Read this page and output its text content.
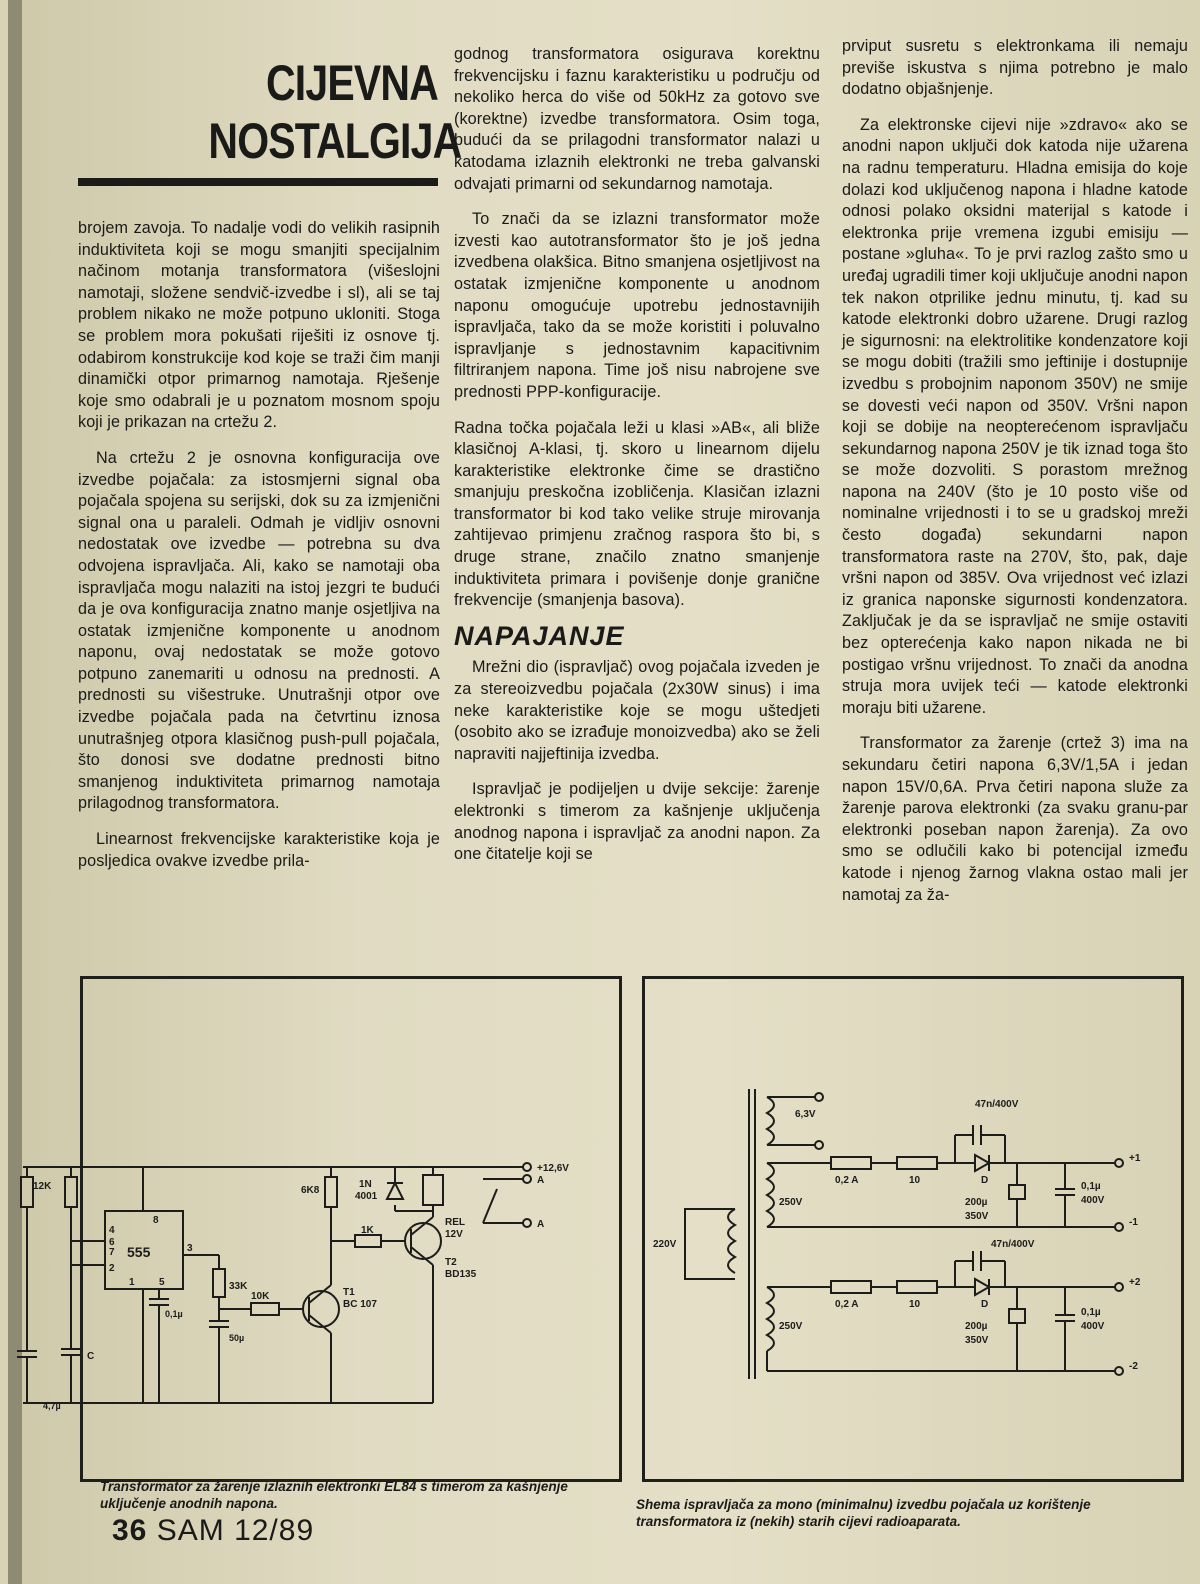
CIJEVNA
NOSTALGIJA

brojem zavoja. To nadalje vodi do velikih rasipnih induktiviteta koji se mogu smanjiti specijalnim načinom motanja transformatora (višeslojni namotaji, složene sendvič-izvedbe i sl), ali se taj problem nikako ne može potpuno ukloniti. Stoga se problem mora pokušati riješiti iz osnove tj. odabirom konstrukcije kod koje se traži čim manji dinamički otpor primarnog namotaja. Rješenje koje smo odabrali je u poznatom mosnom spoju koji je prikazan na crtežu 2.

Na crtežu 2 je osnovna konfiguracija ove izvedbe pojačala: za istosmjerni signal oba pojačala spojena su serijski, dok su za izmjenični signal ona u paraleli. Odmah je vidljiv osnovni nedostatak ove izvedbe — potrebna su dva odvojena ispravljača. Ali, kako se namotaji oba ispravljača mogu nalaziti na istoj jezgri te budući da je ova konfiguracija znatno manje osjetljiva na ostatak izmjenične komponente u anodnom naponu, ovaj nedostatak se može gotovo potpuno zanemariti u odnosu na prednosti. A prednosti su višestruke. Unutrašnji otpor ove izvedbe pojačala pada na četvrtinu iznosa unutrašnjeg otpora klasičnog push-pull pojačala, što donosi sve dodatne prednosti bitno smanjenog induktiviteta primarnog namotaja prilagodnog transformatora.

Linearnost frekvencijske karakteristike koja je posljedica ovakve izvedbe prila-

godnog transformatora osigurava korektnu frekvencijsku i faznu karakteristiku u području od nekoliko herca do više od 50kHz za gotovo sve (korektne) izvedbe transformatora. Osim toga, budući da se prilagodni transformator nalazi u katodama izlaznih elektronki ne treba galvanski odvajati primarni od sekundarnog namotaja.

To znači da se izlazni transformator može izvesti kao autotransformator što je još jedna izvedbena olakšica. Bitno smanjena osjetljivost na ostatak izmjenične komponente u anodnom naponu omogućuje upotrebu jednostavnijih ispravljača, tako da se može koristiti i poluvalno ispravljanje s jednostavnim kapacitivnim filtriranjem napona. Time još nisu nabrojene sve prednosti PPP-konfiguracije.

Radna točka pojačala leži u klasi »AB«, ali bliže klasičnoj A-klasi, tj. skoro u linearnom dijelu karakteristike elektronke čime se drastično smanjuju preskočna izobličenja. Klasičan izlazni transformator bi kod tako velike struje mirovanja zahtijevao primjenu zračnog raspora što bi, s druge strane, značilo znatno smanjenje induktiviteta primara i povišenje donje granične frekvencije (smanjenja basova).

NAPAJANJE

Mrežni dio (ispravljač) ovog pojačala izveden je za stereoizvedbu pojačala (2x30W sinus) i ima neke karakteristike koje se mogu uštedjeti (osobito ako se izrađuje monoizvedba) ako se želi napraviti najjeftinija izvedba.

Ispravljač je podijeljen u dvije sekcije: žarenje elektronki s timerom za kašnjenje uključenja anodnog napona i ispravljač za anodni napon. Za one čitatelje koji se

prviput susretu s elektronkama ili nemaju previše iskustva s njima potrebno je malo dodatno objašnjenje.

Za elektronske cijevi nije »zdravo« ako se anodni napon uključi dok katoda nije užarena na radnu temperaturu. Hladna emisija do koje dolazi kod uključenog napona i hladne katode odnosi polako oksidni materijal s katode i elektronka prije vremena izgubi emisiju — postane »gluha«. To je prvi razlog zašto smo u uređaj ugradili timer koji uključuje anodni napon tek nakon otprilike jednu minutu, tj. kad su katode elektronki dobro užarene. Drugi razlog je sigurnosni: na elektrolitike kondenzatore koji se mogu dobiti (tražili smo jeftinije i dostupnije izvedbu s probojnim naponom 350V) ne smije se dovesti veći napon od 350V. Vršni napon koji se dobije na neopterećenom ispravljaču sekundarnog napona 250V je tik iznad toga što se može dozvoliti. S porastom mrežnog napona na 240V (što je 10 posto više od nominalne vrijednosti i to se u gradskoj mreži često događa) sekundarni napon transformatora raste na 270V, što, pak, daje vršni napon od 385V. Ova vrijednost već izlazi iz granica naponske sigurnosti kondenzatora. Zaključak je da se ispravljač ne smije ostaviti bez opterećenja kako napon nikada ne bi postigao vršnu vrijednost. To znači da anodna struja mora uvijek teći — katode elektronki moraju biti užarene.

Transformator za žarenje (crtež 3) ima na sekundaru četiri napona 6,3V/1,5A i jedan napon 15V/0,6A. Prva četiri napona služe za žarenje parova elektronki (za svaku granu-par elektronki poseban napon žarenja). Za ovo smo se odlučili kako bi potencijal između katode i njenog žarnog vlakna ostao mali jer namotaj za ža-

12K
4,7µ
C
555
8
4
7
6
2
3
1 5
0,1µ
33K
50µ
10K
6K8
1N
4001
REL
12V
1K
T2
BD135
T1
BC 107
+12,6V
A
A
6,3V
250V
250V
220V
0,2 A
0,2 A
10
10
D
D
47n/400V
47n/400V
200µ
350V
200µ
350V
0,1µ
400V
0,1µ
400V
+1
-1
+2
-2
Transformator za žarenje izlaznih elektronki EL84 s timerom za kašnjenje uključenje anodnih napona.	Shema ispravljača za mono (minimalnu) izvedbu pojačala uz korištenje transformatora iz (nekih) starih cijevi radioaparata.
36 SAM 12/89
